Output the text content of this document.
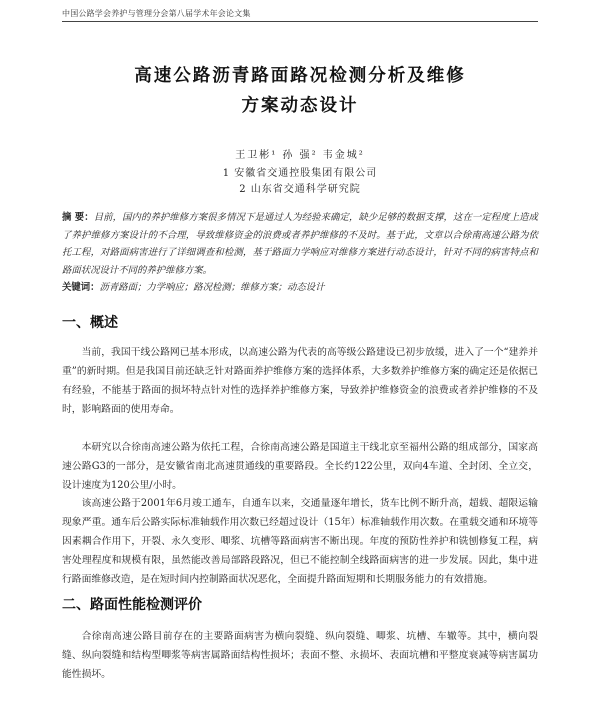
中国公路学会养护与管理分会第八届学术年会论文集
高速公路沥青路面路况检测分析及维修
方案动态设计
王卫彬¹ 孙 强² 韦金城²
1 安徽省交通控股集团有限公司
2 山东省交通科学研究院
摘 要：目前，国内的养护维修方案很多情况下是通过人为经验来确定，缺少足够的数据支撑，这在一定程度上造成了养护维修方案设计的不合理，导致维修资金的浪费或者养护维修的不及时。基于此，文章以合徐南高速公路为依托工程，对路面病害进行了详细调查和检测，基于路面力学响应对维修方案进行动态设计，针对不同的病害特点和路面状况设计不同的养护维修方案。
关键词：沥青路面；力学响应；路况检测；维修方案；动态设计
一、概述
当前，我国干线公路网已基本形成，以高速公路为代表的高等级公路建设已初步放缓，进入了一个“建养并重”的新时期。但是我国目前还缺乏针对路面养护维修方案的选择体系，大多数养护维修方案的确定还是依据已有经验，不能基于路面的损坏特点针对性的选择养护维修方案，导致养护维修资金的浪费或者养护维修的不及时，影响路面的使用寿命。
本研究以合徐南高速公路为依托工程，合徐南高速公路是国道主干线北京至福州公路的组成部分，国家高速公路G3的一部分，是安徽省南北高速贯通线的重要路段。全长约122公里，双向4车道、全封闭、全立交，设计速度为120公里/小时。
该高速公路于2001年6月竣工通车，自通车以来，交通量逐年增长，货车比例不断升高，超载、超限运输现象严重。通车后公路实际标准轴载作用次数已经超过设计（15年）标准轴载作用次数。在重载交通和环境等因素耦合作用下，开裂、永久变形、唧浆、坑槽等路面病害不断出现。年度的预防性养护和铣刨修复工程，病害处理程度和规模有限，虽然能改善局部路段路况，但已不能控制全线路面病害的进一步发展。因此，集中进行路面维修改造，是在短时间内控制路面状况恶化，全面提升路面短期和长期服务能力的有效措施。
二、路面性能检测评价
合徐南高速公路目前存在的主要路面病害为横向裂缝、纵向裂缝、唧浆、坑槽、车辙等。其中，横向裂缝、纵向裂缝和结构型唧浆等病害属路面结构性损坏；表面不整、永损坏、表面坑槽和平整度衰减等病害属功能性损坏。
